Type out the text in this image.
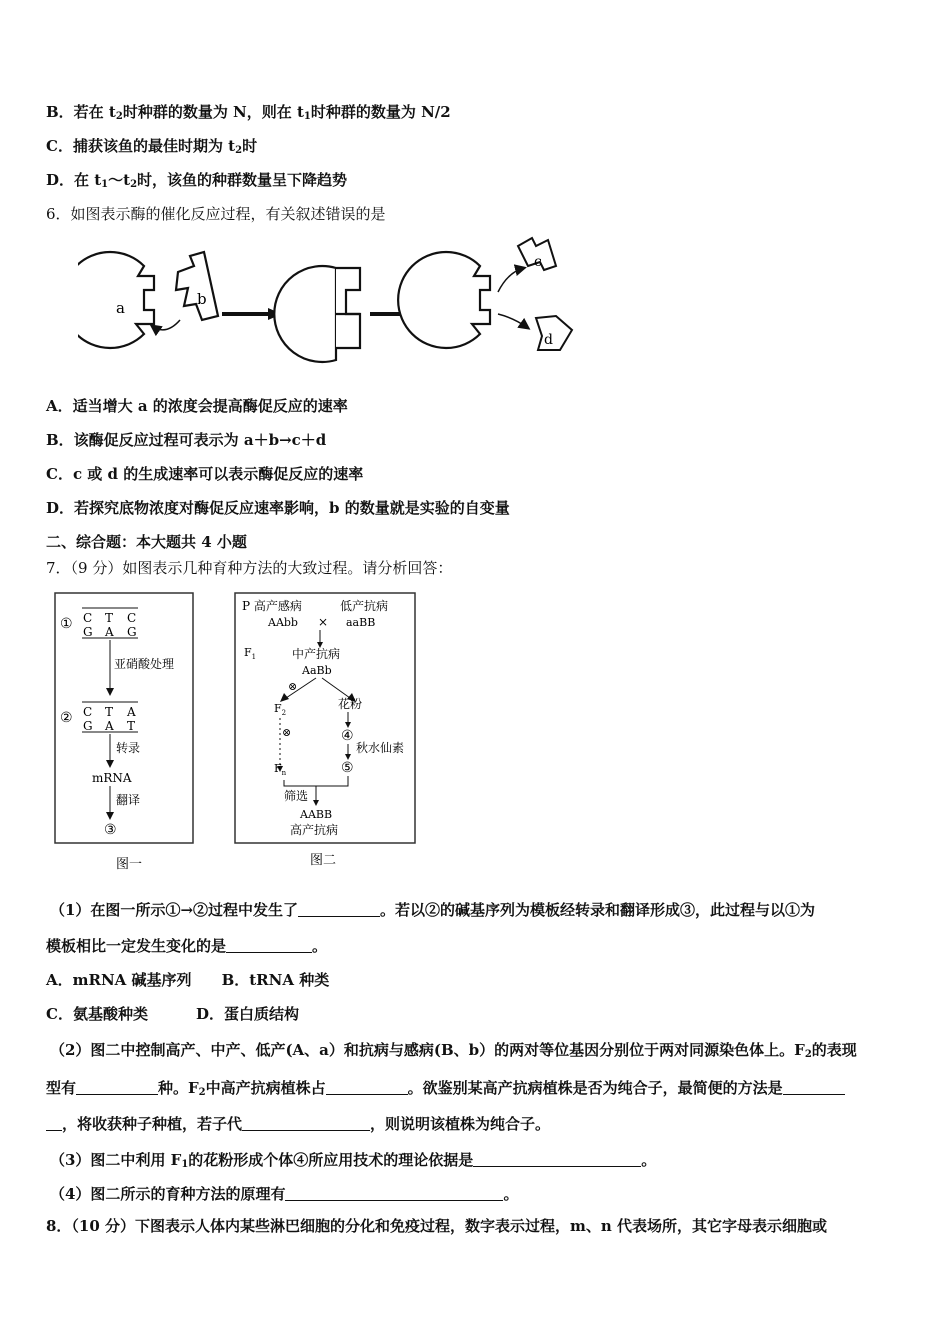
B．若在 $t_2$时种群的数量为 N，则在 $t_1$时种群的数量为 N/2
C．捕获该鱼的最佳时期为 $t_2$时
D．在 $t_1\sim t_2$时，该鱼的种群数量呈下降趋势
6．如图表示酶的催化反应过程，有关叙述错误的是
a	b
c
d
A．适当增大 a 的浓度会提高酶促反应的速率
B．该酶促反应过程可表示为 a＋b→c＋d
C．c 或 d 的生成速率可以表示酶促反应的速率
D．若探究底物浓度对酶促反应速率影响，b 的数量就是实验的自变量
二、综合题：本大题共 4 小题
7．（9 分）如图表示几种育种方法的大致过程。请分析回答：
① C T C
G A G
亚硝酸处理
② C T A
G A T
转录
mRNA
翻译
③
图一
P 高产感病	低产抗病
AAbb × aaBB
$F_1$	中产抗病
AaBb
⊗
$F_2$
⊗
$F_n$
花粉
④
秋水仙素
⑤
筛选
AABB
高产抗病
图二
（1）在图一所示①→②过程中发生了	。若以②的碱基序列为模板经转录和翻译形成③，此过程与以①为
模板相比一定发生变化的是	。
A．mRNA 碱基序列 B．tRNA 种类
C．氨基酸种类	D．蛋白质结构
（2）图二中控制高产、中产、低产(A、a）和抗病与感病(B、b）的两对等位基因分别位于两对同源染色体上。$F_2$的表现
型有	种。$F_2$中高产抗病植株占	。欲鉴别某高产抗病植株是否为纯合子，最简便的方法是
，将收获种子种植，若子代	，则说明该植株为纯合子。
（3）图二中利用 $F_1$的花粉形成个体④所应用技术的理论依据是	。
（4）图二所示的育种方法的原理有	。
8．（10 分）下图表示人体内某些淋巴细胞的分化和免疫过程，数字表示过程，m、n 代表场所，其它字母表示细胞或
